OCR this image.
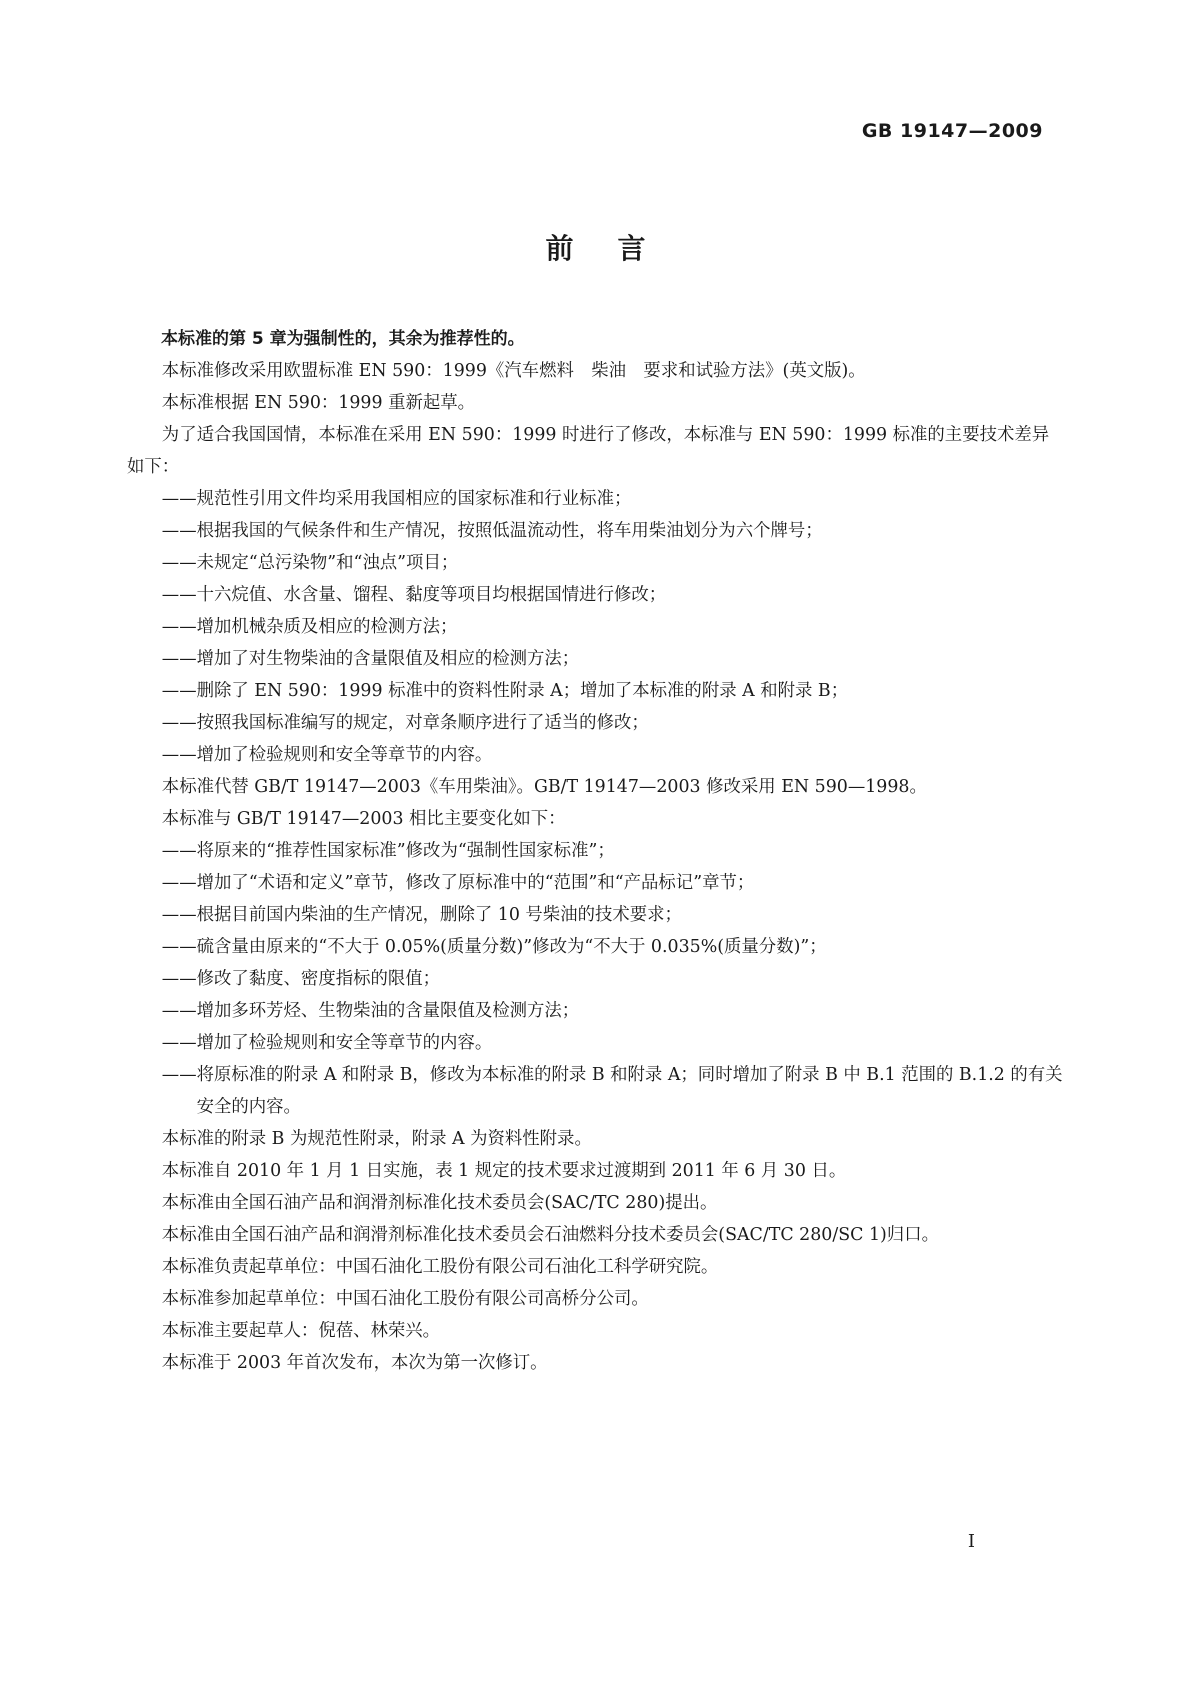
GB 19147—2009
前言

本标准的第 5 章为强制性的，其余为推荐性的。

本标准修改采用欧盟标准 EN 590：1999《汽车燃料　柴油　要求和试验方法》(英文版)。

本标准根据 EN 590：1999 重新起草。

为了适合我国国情，本标准在采用 EN 590：1999 时进行了修改，本标准与 EN 590：1999 标准的主要技术差异如下：

——规范性引用文件均采用我国相应的国家标准和行业标准；

——根据我国的气候条件和生产情况，按照低温流动性，将车用柴油划分为六个牌号；

——未规定“总污染物”和“浊点”项目；

——十六烷值、水含量、馏程、黏度等项目均根据国情进行修改；

——增加机械杂质及相应的检测方法；

——增加了对生物柴油的含量限值及相应的检测方法；

——删除了 EN 590：1999 标准中的资料性附录 A；增加了本标准的附录 A 和附录 B；

——按照我国标准编写的规定，对章条顺序进行了适当的修改；

——增加了检验规则和安全等章节的内容。

本标准代替 GB/T 19147—2003《车用柴油》。GB/T 19147—2003 修改采用 EN 590—1998。

本标准与 GB/T 19147—2003 相比主要变化如下：

——将原来的“推荐性国家标准”修改为“强制性国家标准”；

——增加了“术语和定义”章节，修改了原标准中的“范围”和“产品标记”章节；

——根据目前国内柴油的生产情况，删除了 10 号柴油的技术要求；

——硫含量由原来的“不大于 0.05%(质量分数)”修改为“不大于 0.035%(质量分数)”；

——修改了黏度、密度指标的限值；

——增加多环芳烃、生物柴油的含量限值及检测方法；

——增加了检验规则和安全等章节的内容。

——将原标准的附录 A 和附录 B，修改为本标准的附录 B 和附录 A；同时增加了附录 B 中 B.1 范围的 B.1.2 的有关安全的内容。

本标准的附录 B 为规范性附录，附录 A 为资料性附录。

本标准自 2010 年 1 月 1 日实施，表 1 规定的技术要求过渡期到 2011 年 6 月 30 日。

本标准由全国石油产品和润滑剂标准化技术委员会(SAC/TC 280)提出。

本标准由全国石油产品和润滑剂标准化技术委员会石油燃料分技术委员会(SAC/TC 280/SC 1)归口。

本标准负责起草单位：中国石油化工股份有限公司石油化工科学研究院。

本标准参加起草单位：中国石油化工股份有限公司高桥分公司。

本标准主要起草人：倪蓓、林荣兴。

本标准于 2003 年首次发布，本次为第一次修订。

I
